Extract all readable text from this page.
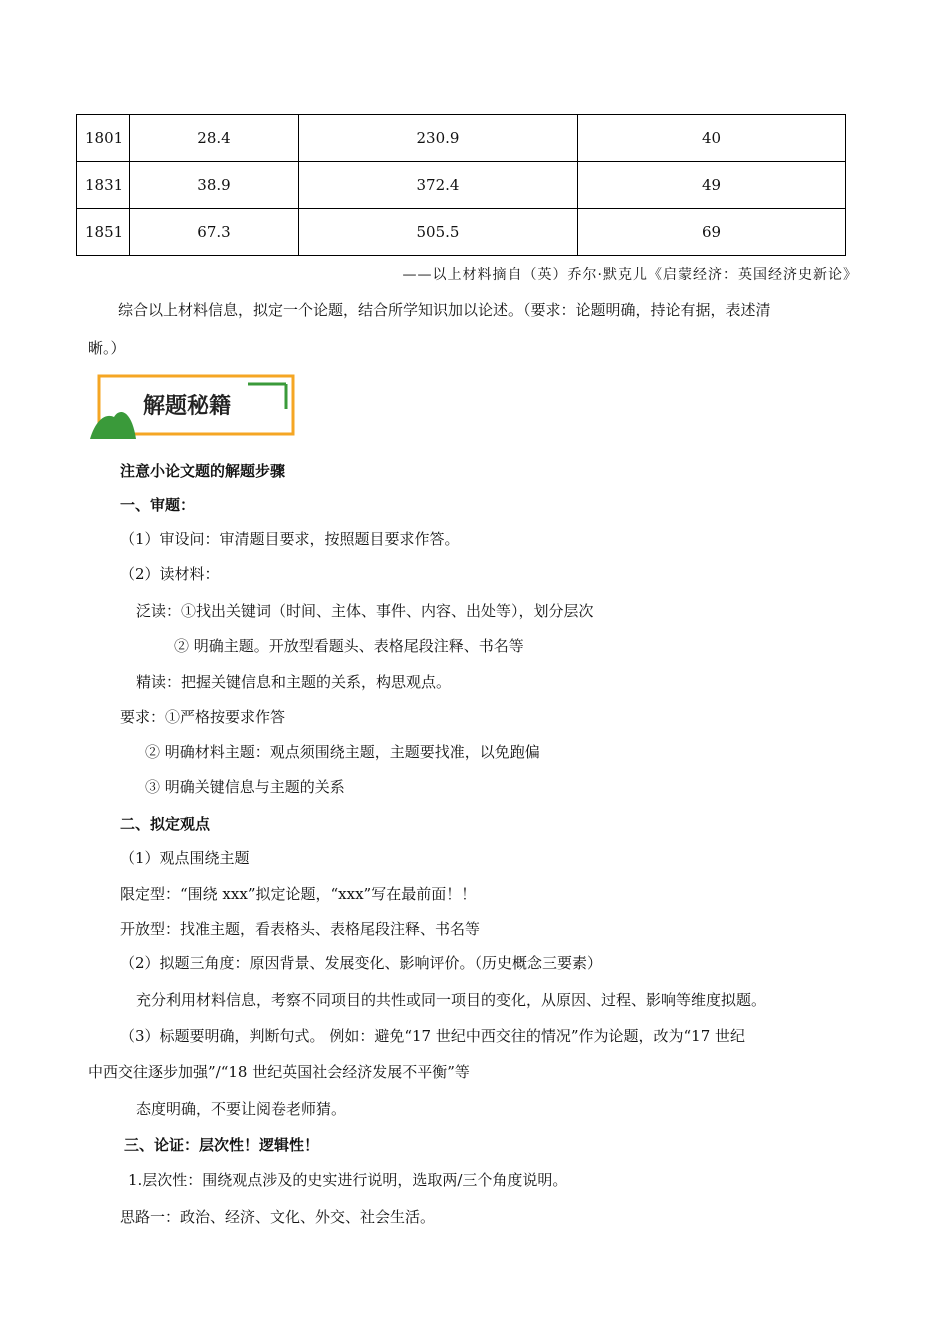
1801	28.4	230.9	40
1831	38.9	372.4	49
1851	67.3	505.5	69
——以上材料摘自（英）乔尔·默克儿《启蒙经济：英国经济史新论》
综合以上材料信息，拟定一个论题，结合所学知识加以论述。（要求：论题明确，持论有据，表述清
晰。）
解题秘籍
注意小论文题的解题步骤
一、审题：
（1）审设问：审清题目要求，按照题目要求作答。
（2）读材料：
泛读：①找出关键词（时间、主体、事件、内容、出处等），划分层次
② 明确主题。开放型看题头、表格尾段注释、书名等
精读：把握关键信息和主题的关系，构思观点。
要求：①严格按要求作答
② 明确材料主题：观点须围绕主题，主题要找准，以免跑偏
③ 明确关键信息与主题的关系
二、拟定观点
（1）观点围绕主题
限定型：“围绕 xxx”拟定论题，“xxx”写在最前面！！
开放型：找准主题，看表格头、表格尾段注释、书名等
（2）拟题三角度：原因背景、发展变化、影响评价。（历史概念三要素）
充分利用材料信息，考察不同项目的共性或同一项目的变化，从原因、过程、影响等维度拟题。
（3）标题要明确，判断句式。 例如：避免“17 世纪中西交往的情况”作为论题，改为“17 世纪
中西交往逐步加强”/“18 世纪英国社会经济发展不平衡”等
态度明确，不要让阅卷老师猜。
三、论证：层次性！逻辑性！
1.层次性：围绕观点涉及的史实进行说明，选取两/三个角度说明。
思路一：政治、经济、文化、外交、社会生活。
